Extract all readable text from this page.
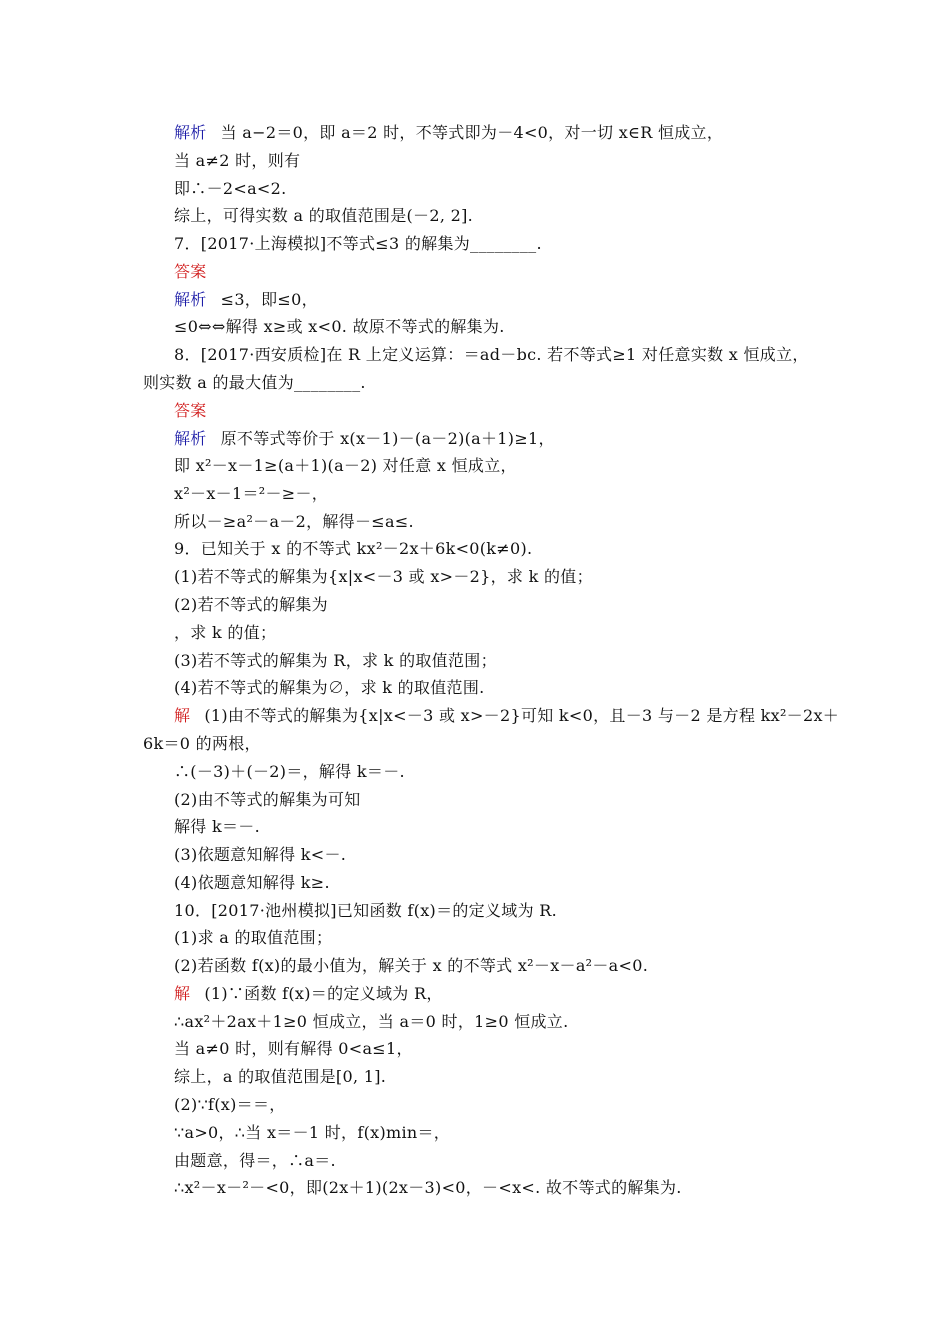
解析 当 a−2＝0，即 a＝2 时，不等式即为－4<0，对一切 x∈R 恒成立，
当 a≠2 时，则有
即∴－2<a<2.
综上，可得实数 a 的取值范围是(－2, 2].
7．[2017·上海模拟]不等式≤3 的解集为________.
答案
解析 ≤3，即≤0，
≤0⇔⇔解得 x≥或 x<0. 故原不等式的解集为.
8．[2017·西安质检]在 R 上定义运算：＝ad－bc. 若不等式≥1 对任意实数 x 恒成立，
则实数 a 的最大值为________.
答案
解析 原不等式等价于 x(x－1)－(a－2)(a＋1)≥1，
即 x²－x－1≥(a＋1)(a－2) 对任意 x 恒成立，
x²－x－1＝²－≥－，
所以－≥a²－a－2，解得－≤a≤.
9．已知关于 x 的不等式 kx²－2x＋6k<0(k≠0).
(1)若不等式的解集为{x|x<－3 或 x>－2}，求 k 的值；
(2)若不等式的解集为
，求 k 的值；
(3)若不等式的解集为 R，求 k 的取值范围；
(4)若不等式的解集为∅，求 k 的取值范围.
解 (1)由不等式的解集为{x|x<－3 或 x>－2}可知 k<0，且－3 与－2 是方程 kx²－2x＋
6k＝0 的两根，
∴(－3)＋(－2)＝，解得 k＝－.
(2)由不等式的解集为可知
解得 k＝－.
(3)依题意知解得 k<－.
(4)依题意知解得 k≥.
10．[2017·池州模拟]已知函数 f(x)＝的定义域为 R.
(1)求 a 的取值范围；
(2)若函数 f(x)的最小值为，解关于 x 的不等式 x²－x－a²－a<0.
解 (1)∵函数 f(x)＝的定义域为 R，
∴ax²＋2ax＋1≥0 恒成立，当 a＝0 时，1≥0 恒成立.
当 a≠0 时，则有解得 0<a≤1，
综上，a 的取值范围是[0, 1].
(2)∵f(x)＝＝，
∵a>0，∴当 x＝－1 时，f(x)min＝，
由题意，得＝，∴a＝.
∴x²－x－²－<0，即(2x＋1)(2x－3)<0，－<x<. 故不等式的解集为.
